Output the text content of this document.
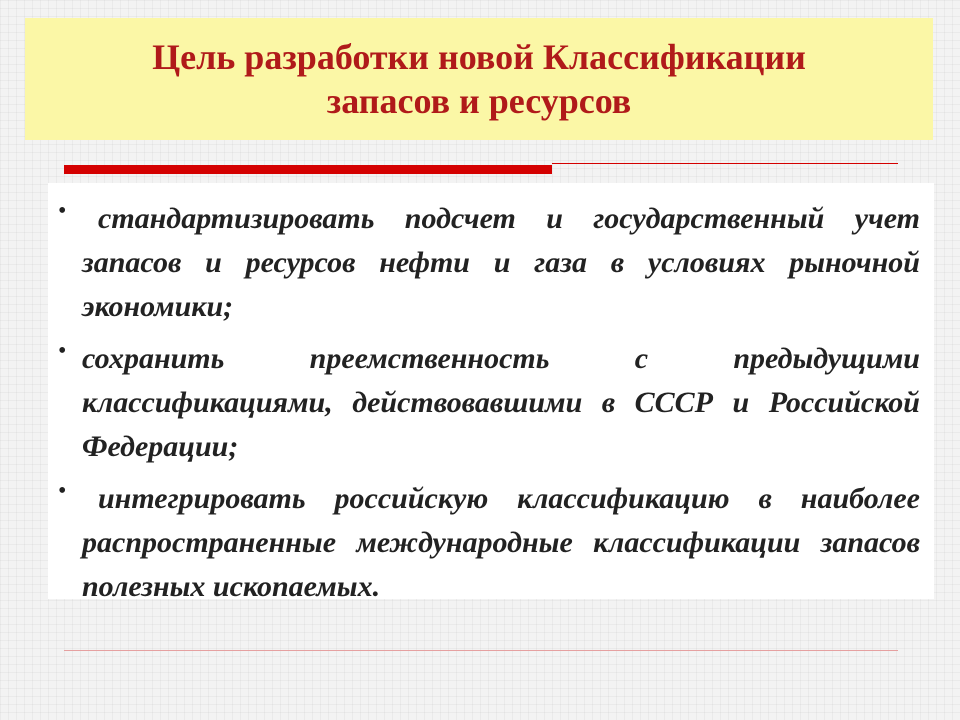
Цель разработки новой Классификации
запасов и ресурсов
• стандартизировать подсчет и государственный учет запасов и ресурсов нефти и газа в условиях рыночной экономики;
• сохранить преемственность с предыдущими классификациями, действовавшими в СССР и Российской Федерации;
• интегрировать российскую классификацию в наиболее распространенные международные классификации запасов полезных ископаемых.
